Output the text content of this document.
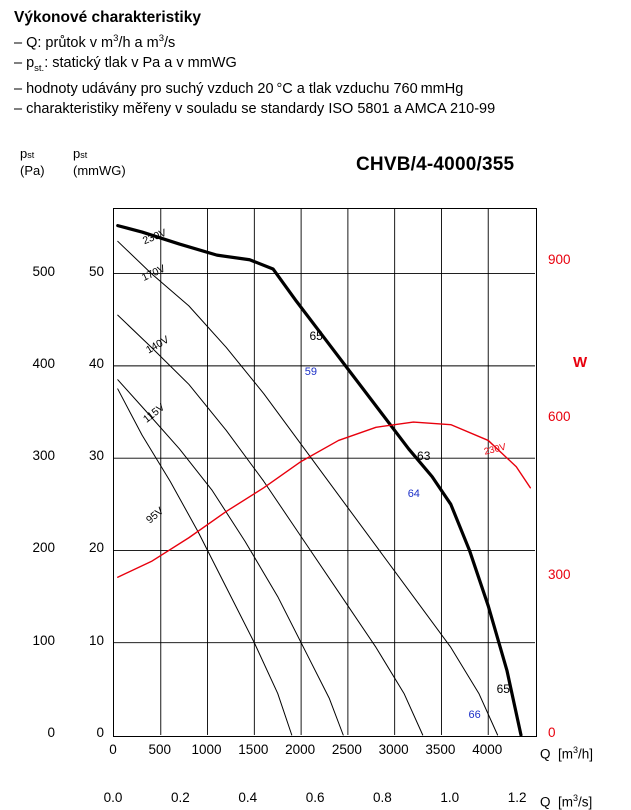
Výkonové charakteristiky
– Q: průtok v $m^3/h$ a $m^3/s$
– $p_{st.}$: statický tlak v Pa a v mmWG
– hodnoty udávány pro suchý vzduch 20 °C a tlak vzduchu 760 mmHg
– charakteristiky měřeny v souladu se standardy ISO 5801 a AMCA 210-99
CHVB/4-4000/355
pst
(Pa)
pst
(mmWG)
W
0
100
200
300
400
500
0
10
20
30
40
50
0
300
600
900
0	500	1000	1500	2000	2500	3000	3500	4000
0.0	0.2	0.4	0.6	0.8	1.0	1.2
230V
170V
140V
115V
95V
230V
65
59
63
64
65
66
Q  $[m^3/h]$
Q  $[m^3/s]$
